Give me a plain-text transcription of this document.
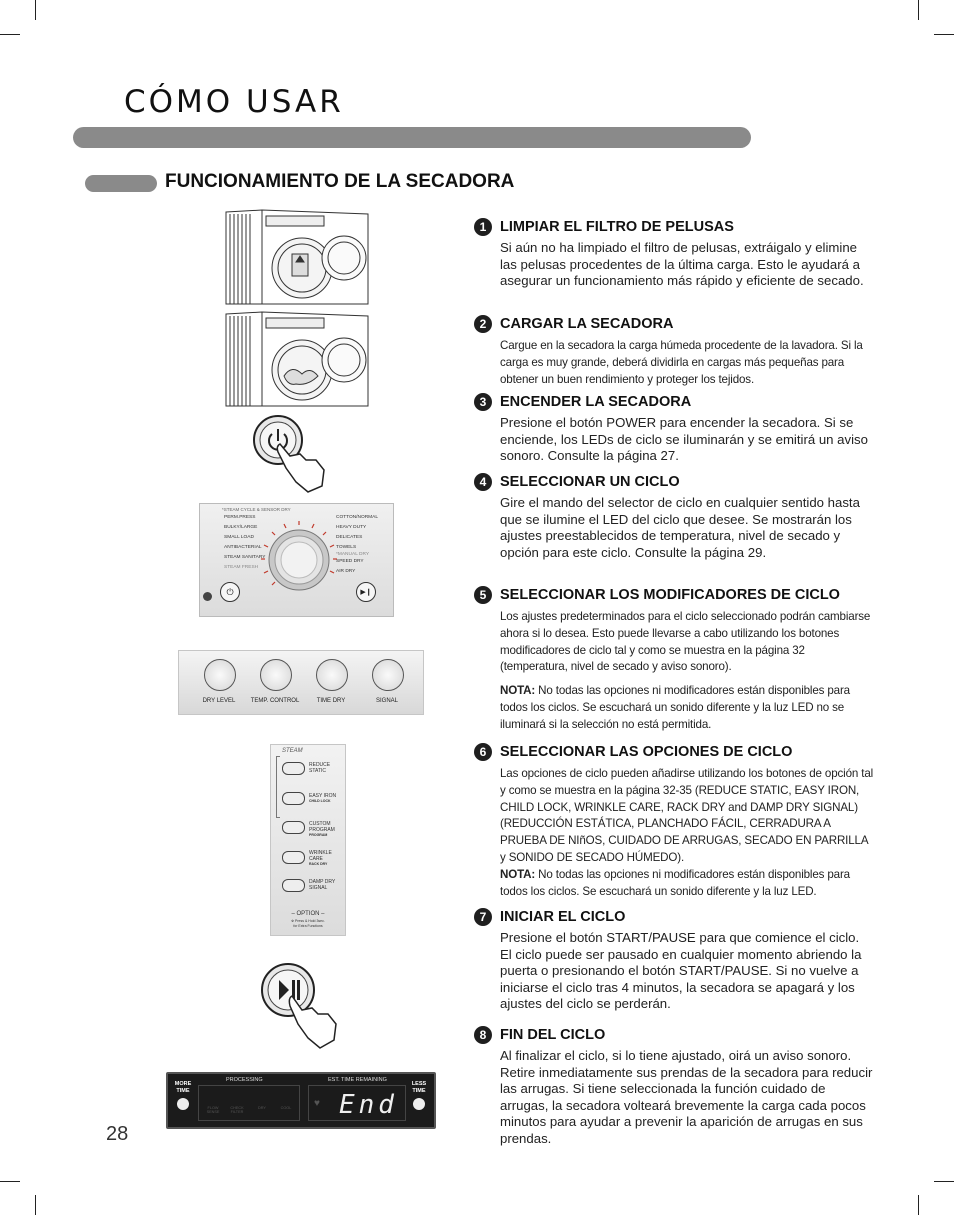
CÓMO USAR
FUNCIONAMIENTO DE LA SECADORA
*STEAM CYCLE & SENSOR DRY
PERM.PRESS
BULKY/LARGE
SMALL LOAD
ANTIBACTERIAL
STEAM SANITARY
STEAM FRESH
COTTON/NORMAL
HEAVY DUTY
DELICATES
TOWELS
*MANUAL DRY
SPEED DRY
AIR DRY
⏻	▶❙
DRY LEVEL	TEMP. CONTROL	TIME DRY	SIGNAL
STEAM
REDUCE
STATIC
EASY IRON
CHILD LOCK
CUSTOM
PROGRAM
PROGRAM
WRINKLE
CARE
RACK DRY
DAMP DRY
SIGNAL
– OPTION –
※ Press & Hold 3sec.
for Extra Functions
MORE
TIME
PROCESSING	EST. TIME REMAINING
FLOW SENSE
CHECK FILTER
DRY	COOL	♥ End
LESS
TIME
1 LIMPIAR EL FILTRO DE PELUSAS
Si aún no ha limpiado el filtro de pelusas, extráigalo y elimine las pelusas procedentes de la última carga. Esto le ayudará a asegurar un funcionamiento más rápido y eficiente de secado.
2 CARGAR LA SECADORA
Cargue en la secadora la carga húmeda procedente de la lavadora. Si la carga es muy grande, deberá dividirla en cargas más pequeñas para obtener un buen rendimiento y proteger los tejidos.
3 ENCENDER LA SECADORA
Presione el botón POWER para encender la secadora. Si se enciende, los LEDs de ciclo se iluminarán y se emitirá un aviso sonoro. Consulte la página 27.
4 SELECCIONAR UN CICLO
Gire el mando del selector de ciclo en cualquier sentido hasta que se ilumine el LED del ciclo que desee. Se mostrarán los ajustes preestablecidos de temperatura, nivel de secado y opción para este ciclo. Consulte la página 29.
5 SELECCIONAR LOS MODIFICADORES DE CICLO
Los ajustes predeterminados para el ciclo seleccionado podrán cambiarse ahora si lo desea. Esto puede llevarse a cabo utilizando los botones modificadores de ciclo tal y como se muestra en la página 32 (temperatura, nivel de secado y aviso sonoro).
NOTA: No todas las opciones ni modificadores están disponibles para todos los ciclos. Se escuchará un sonido diferente y la luz LED no se iluminará si la selección no está permitida.
6 SELECCIONAR LAS OPCIONES DE CICLO
Las opciones de ciclo pueden añadirse utilizando los botones de opción tal y como se muestra en la página 32-35 (REDUCE STATIC, EASY IRON, CHILD LOCK, WRINKLE CARE, RACK DRY and DAMP DRY SIGNAL) (REDUCCIÓN ESTÁTICA, PLANCHADO FÁCIL, CERRADURA A PRUEBA DE NIñOS, CUIDADO DE ARRUGAS, SECADO EN PARRILLA y SONIDO DE SECADO HÚMEDO).
NOTA: No todas las opciones ni modificadores están disponibles para todos los ciclos. Se escuchará un sonido diferente y la luz LED.
7 INICIAR EL CICLO
Presione el botón START/PAUSE para que comience el ciclo. El ciclo puede ser pausado en cualquier momento abriendo la puerta o presionando el botón START/PAUSE. Si no vuelve a iniciarse el ciclo tras 4 minutos, la secadora se apagará y los ajustes del ciclo se perderán.
8 FIN DEL CICLO
Al finalizar el ciclo, si lo tiene ajustado, oirá un aviso sonoro. Retire inmediatamente sus prendas de la secadora para reducir las arrugas. Si tiene seleccionada la función cuidado de arrugas, la secadora volteará brevemente la carga cada pocos minutos para ayudar a prevenir la aparición de arrugas en sus prendas.
28
